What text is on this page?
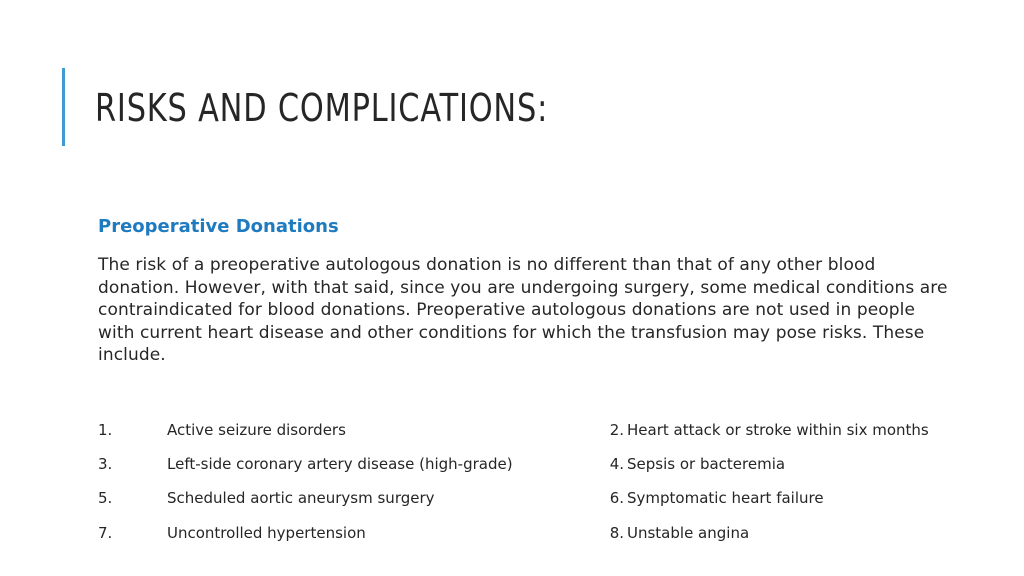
RISKS AND COMPLICATIONS:
Preoperative Donations

The risk of a preoperative autologous donation is no different than that of any other blood donation. However, with that said, since you are undergoing surgery, some medical conditions are contraindicated for blood donations. Preoperative autologous donations are not used in people with current heart disease and other conditions for which the transfusion may pose risks. These include.

1.	Active seizure disorders	2. Heart attack or stroke within six months
3.	Left-side coronary artery disease (high-grade)	4. Sepsis or bacteremia
5.	Scheduled aortic aneurysm surgery	6. Symptomatic heart failure
7.	Uncontrolled hypertension	8. Unstable angina
